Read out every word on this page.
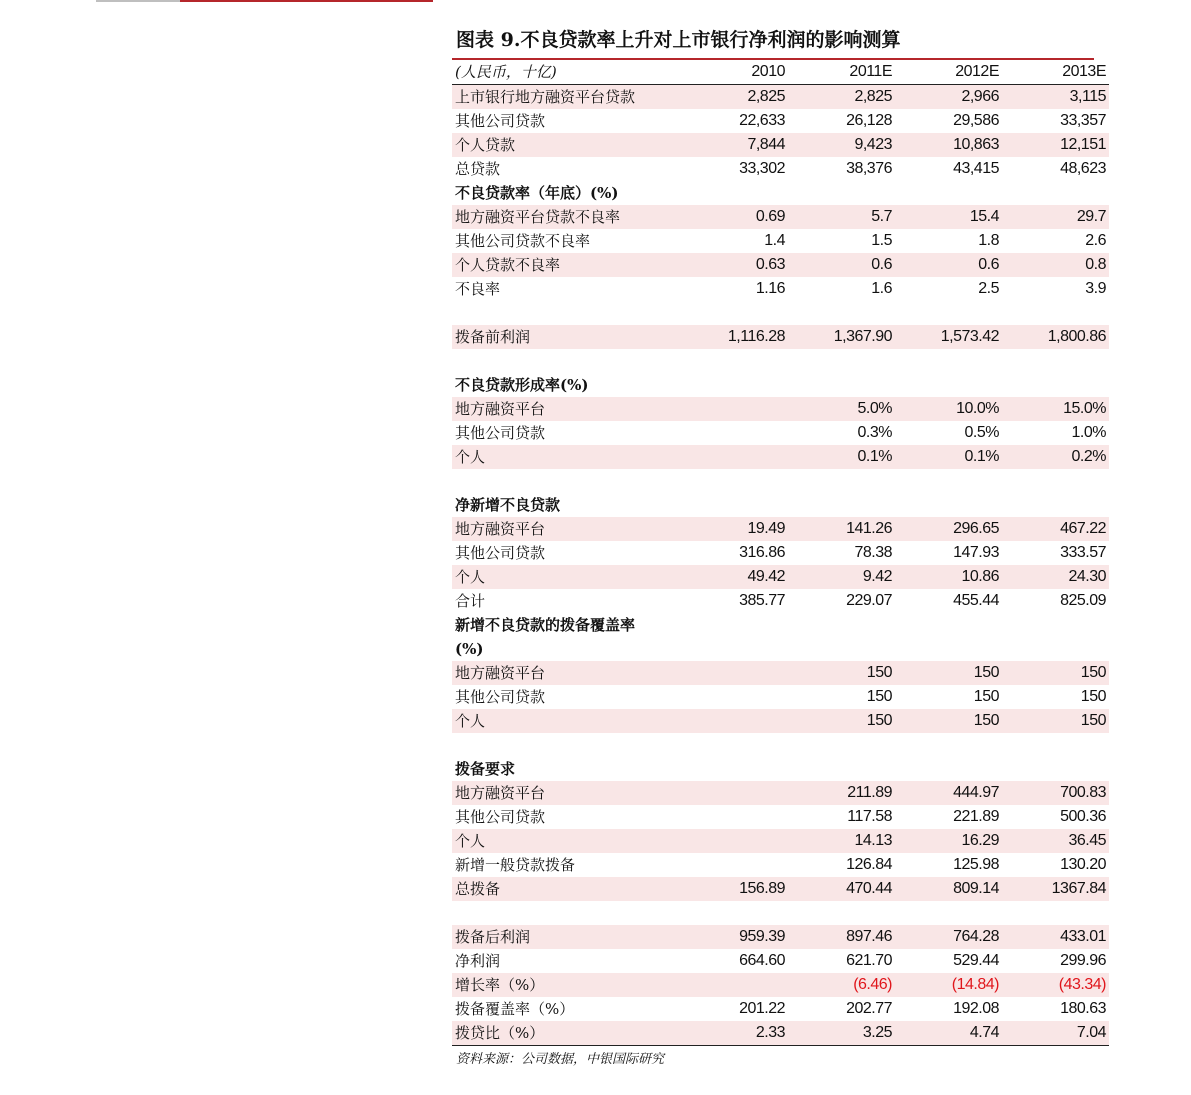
图表 9.不良贷款率上升对上市银行净利润的影响测算
(人民币，十亿)	2010	2011E	2012E	2013E
上市银行地方融资平台贷款	2,825	2,825	2,966	3,115
其他公司贷款	22,633	26,128	29,586	33,357
个人贷款	7,844	9,423	10,863	12,151
总贷款	33,302	38,376	43,415	48,623
不良贷款率（年底）(%)				
地方融资平台贷款不良率	0.69	5.7	15.4	29.7
其他公司贷款不良率	1.4	1.5	1.8	2.6
个人贷款不良率	0.63	0.6	0.6	0.8
不良率	1.16	1.6	2.5	3.9

拨备前利润	1,116.28	1,367.90	1,573.42	1,800.86

不良贷款形成率(%)				
地方融资平台		5.0%	10.0%	15.0%
其他公司贷款		0.3%	0.5%	1.0%
个人		0.1%	0.1%	0.2%

净新增不良贷款				
地方融资平台	19.49	141.26	296.65	467.22
其他公司贷款	316.86	78.38	147.93	333.57
个人	49.42	9.42	10.86	24.30
合计	385.77	229.07	455.44	825.09
新增不良贷款的拨备覆盖率				
(%)				
地方融资平台		150	150	150
其他公司贷款		150	150	150
个人		150	150	150

拨备要求				
地方融资平台		211.89	444.97	700.83
其他公司贷款		117.58	221.89	500.36
个人		14.13	16.29	36.45
新增一般贷款拨备		126.84	125.98	130.20
总拨备	156.89	470.44	809.14	1367.84

拨备后利润	959.39	897.46	764.28	433.01
净利润	664.60	621.70	529.44	299.96
增长率（%）		(6.46)	(14.84)	(43.34)
拨备覆盖率（%）	201.22	202.77	192.08	180.63
拨贷比（%）	2.33	3.25	4.74	7.04
资料来源：公司数据，中银国际研究
